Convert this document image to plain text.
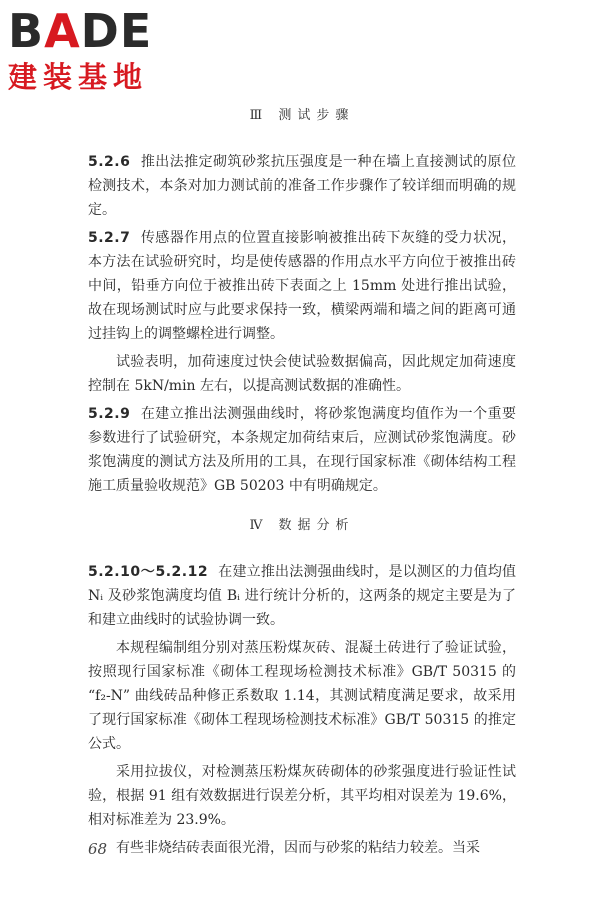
BADE
建装基地
Ⅲ 测试步骤

5.2.6 推出法推定砌筑砂浆抗压强度是一种在墙上直接测试的原位检测技术，本条对加力测试前的准备工作步骤作了较详细而明确的规定。

5.2.7 传感器作用点的位置直接影响被推出砖下灰缝的受力状况，本方法在试验研究时，均是使传感器的作用点水平方向位于被推出砖中间，铅垂方向位于被推出砖下表面之上 15mm 处进行推出试验，故在现场测试时应与此要求保持一致，横梁两端和墙之间的距离可通过挂钩上的调整螺栓进行调整。

试验表明，加荷速度过快会使试验数据偏高，因此规定加荷速度控制在 5kN/min 左右，以提高测试数据的准确性。

5.2.9 在建立推出法测强曲线时，将砂浆饱满度均值作为一个重要参数进行了试验研究，本条规定加荷结束后，应测试砂浆饱满度。砂浆饱满度的测试方法及所用的工具，在现行国家标准《砌体结构工程施工质量验收规范》GB 50203 中有明确规定。

Ⅳ 数据分析

5.2.10～5.2.12 在建立推出法测强曲线时，是以测区的力值均值 Nᵢ 及砂浆饱满度均值 Bᵢ 进行统计分析的，这两条的规定主要是为了和建立曲线时的试验协调一致。

本规程编制组分别对蒸压粉煤灰砖、混凝土砖进行了验证试验，按照现行国家标准《砌体工程现场检测技术标准》GB/T 50315 的 “f₂-N” 曲线砖品种修正系数取 1.14，其测试精度满足要求，故采用了现行国家标准《砌体工程现场检测技术标准》GB/T 50315 的推定公式。

采用拉拔仪，对检测蒸压粉煤灰砖砌体的砂浆强度进行验证性试验，根据 91 组有效数据进行误差分析，其平均相对误差为 19.6%，相对标准差为 23.9%。

有些非烧结砖表面很光滑，因而与砂浆的粘结力较差。当采

68
